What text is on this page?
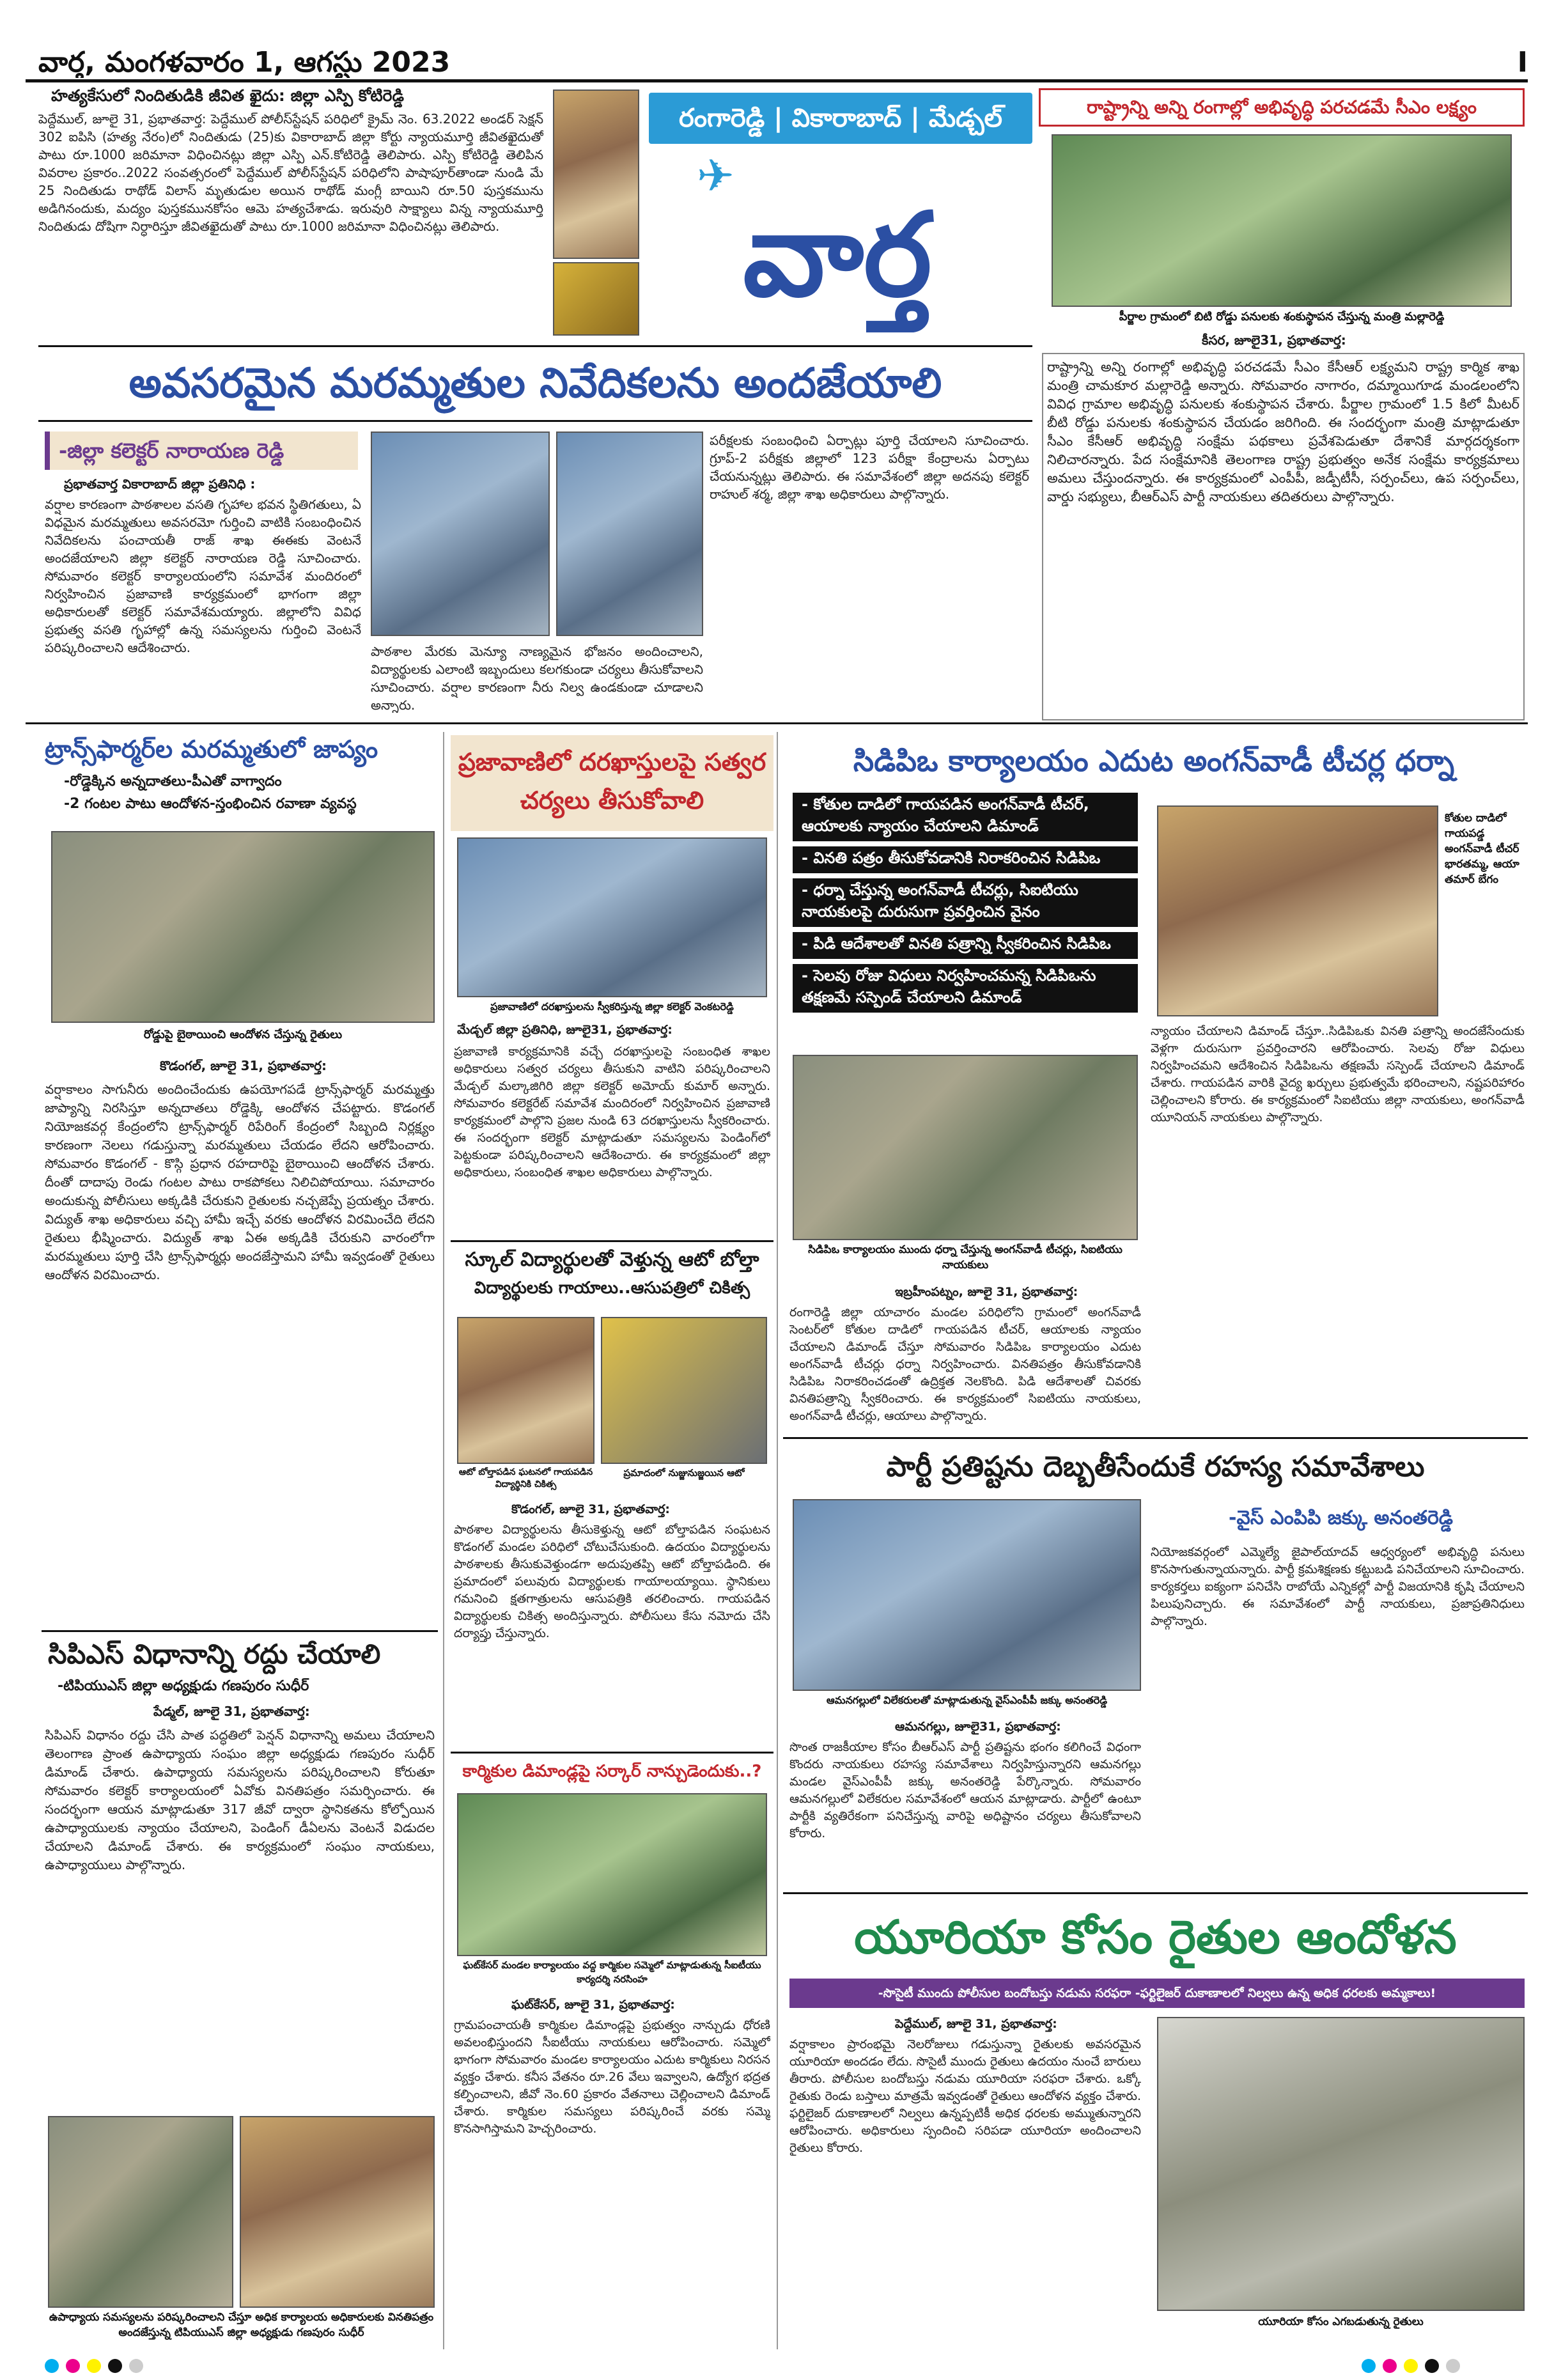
వార్త, మంగళవారం 1, ఆగస్టు 2023	I
హత్యకేసులో నిందితుడికి జీవిత ఖైదు: జిల్లా ఎస్పి కోటిరెడ్డి
పెద్దేముల్, జూలై 31, ప్రభాతవార్త: పెద్దేముల్ పోలీస్‌స్టేషన్ పరిధిలో క్రైమ్ నెం. 63.2022 అండర్ సెక్షన్ 302 ఐపిసి (హత్య నేరం)లో నిందితుడు (25)కు వికారాబాద్ జిల్లా కోర్టు న్యాయమూర్తి జీవితఖైదుతో పాటు రూ.1000 జరిమానా విధించినట్లు జిల్లా ఎస్పి ఎన్.కోటిరెడ్డి తెలిపారు. ఎస్పి కోటిరెడ్డి తెలిపిన వివరాల ప్రకారం..2022 సంవత్సరంలో పెద్దేముల్ పోలీస్‌స్టేషన్ పరిధిలోని పాషాపూర్‌తాండా నుండి మే 25 నిందితుడు రాథోడ్ విలాస్ మృతుడుల అయిన రాథోడ్ మంగ్లీ బాయిని రూ.50 పుస్తకమును అడిగినందుకు, మద్యం పుస్తకమునకోసం ఆమె హత్యచేశాడు. ఇరువురి సాక్ష్యాలు విన్న న్యాయమూర్తి నిందితుడు దోషిగా నిర్ధారిస్తూ జీవితఖైదుతో పాటు రూ.1000 జరిమానా విధించినట్లు తెలిపారు.
రంగారెడ్డి | వికారాబాద్ | మేడ్చల్
✈
వార్త
రాష్ట్రాన్ని అన్ని రంగాల్లో అభివృద్ధి పరచడమే సీఎం లక్ష్యం
పీర్జాల గ్రామంలో బిటి రోడ్డు పనులకు శంకుస్థాపన చేస్తున్న మంత్రి మల్లారెడ్డి
కీసర, జూలై31, ప్రభాతవార్త:
రాష్ట్రాన్ని అన్ని రంగాల్లో అభివృద్ధి పరచడమే సీఎం కేసీఆర్ లక్ష్యమని రాష్ట్ర కార్మిక శాఖ మంత్రి చామకూర మల్లారెడ్డి అన్నారు. సోమవారం నాగారం, దమ్మాయిగూడ మండలంలోని వివిధ గ్రామాల అభివృద్ధి పనులకు శంకుస్థాపన చేశారు. పీర్జాల గ్రామంలో 1.5 కిలో మీటర్ బీటి రోడ్డు పనులకు శంకుస్థాపన చేయడం జరిగింది. ఈ సందర్భంగా మంత్రి మాట్లాడుతూ సీఎం కేసీఆర్ అభివృద్ధి సంక్షేమ పథకాలు ప్రవేశపెడుతూ దేశానికే మార్గదర్శకంగా నిలిచారన్నారు. పేద సంక్షేమానికి తెలంగాణ రాష్ట్ర ప్రభుత్వం అనేక సంక్షేమ కార్యక్రమాలు అమలు చేస్తుందన్నారు. ఈ కార్యక్రమంలో ఎంపీపీ, జడ్పీటీసీ, సర్పంచ్‌లు, ఉప సర్పంచ్‌లు, వార్డు సభ్యులు, బీఆర్‌ఎస్ పార్టీ నాయకులు తదితరులు పాల్గొన్నారు.
అవసరమైన మరమ్మతుల నివేదికలను అందజేయాలి
-జిల్లా కలెక్టర్ నారాయణ రెడ్డి
ప్రభాతవార్త వికారాబాద్ జిల్లా ప్రతినిధి :
వర్షాల కారణంగా పాఠశాలల వసతి గృహాల భవన స్థితిగతులు, ఏ విధమైన మరమ్మతులు అవసరమో గుర్తించి వాటికి సంబంధించిన నివేదికలను పంచాయతీ రాజ్ శాఖ ఈఈకు వెంటనే అందజేయాలని జిల్లా కలెక్టర్ నారాయణ రెడ్డి సూచించారు. సోమవారం కలెక్టర్ కార్యాలయంలోని సమావేశ మందిరంలో నిర్వహించిన ప్రజావాణి కార్యక్రమంలో భాగంగా జిల్లా అధికారులతో కలెక్టర్ సమావేశమయ్యారు. జిల్లాలోని వివిధ ప్రభుత్వ వసతి గృహాల్లో ఉన్న సమస్యలను గుర్తించి వెంటనే పరిష్కరించాలని ఆదేశించారు.	పాఠశాల మేరకు మెన్యూ నాణ్యమైన భోజనం అందించాలని, విద్యార్థులకు ఎలాంటి ఇబ్బందులు కలగకుండా చర్యలు తీసుకోవాలని సూచించారు. వర్షాల కారణంగా నీరు నిల్వ ఉండకుండా చూడాలని అన్నారు.
పరీక్షలకు సంబంధించి ఏర్పాట్లు పూర్తి చేయాలని సూచించారు. గ్రూప్-2 పరీక్షకు జిల్లాలో 123 పరీక్షా కేంద్రాలను ఏర్పాటు చేయనున్నట్లు తెలిపారు. ఈ సమావేశంలో జిల్లా అదనపు కలెక్టర్ రాహుల్ శర్మ, జిల్లా శాఖ అధికారులు పాల్గొన్నారు.
ట్రాన్స్‌ఫార్మర్‌ల మరమ్మతులో జాప్యం
-రోడ్డెక్కిన అన్నదాతలు-పీఎతో వాగ్వాదం
-2 గంటల పాటు ఆందోళన-స్తంభించిన రవాణా వ్యవస్థ
రోడ్డుపై బైఠాయించి ఆందోళన చేస్తున్న రైతులు
కొడంగల్, జూలై 31, ప్రభాతవార్త:
వర్షాకాలం సాగునీరు అందించేందుకు ఉపయోగపడే ట్రాన్స్‌ఫార్మర్ మరమ్మత్తు జాప్యాన్ని నిరసిస్తూ అన్నదాతలు రోడ్డెక్కి ఆందోళన చేపట్టారు. కొడంగల్ నియోజకవర్గ కేంద్రంలోని ట్రాన్స్‌ఫార్మర్ రిపేరింగ్ కేంద్రంలో సిబ్బంది నిర్లక్ష్యం కారణంగా నెలలు గడుస్తున్నా మరమ్మతులు చేయడం లేదని ఆరోపించారు. సోమవారం కొడంగల్ - కొస్గి ప్రధాన రహదారిపై బైఠాయించి ఆందోళన చేశారు. దీంతో దాదాపు రెండు గంటల పాటు రాకపోకలు నిలిచిపోయాయి. సమాచారం అందుకున్న పోలీసులు అక్కడికి చేరుకుని రైతులకు నచ్చజెప్పే ప్రయత్నం చేశారు. విద్యుత్ శాఖ అధికారులు వచ్చి హామీ ఇచ్చే వరకు ఆందోళన విరమించేది లేదని రైతులు భీష్మించారు. విద్యుత్ శాఖ ఏఈ అక్కడికి చేరుకుని వారంలోగా మరమ్మతులు పూర్తి చేసి ట్రాన్స్‌ఫార్మర్లు అందజేస్తామని హామీ ఇవ్వడంతో రైతులు ఆందోళన విరమించారు.
సిపిఎస్ విధానాన్ని రద్దు చేయాలి
-టిపియుఎస్ జిల్లా అధ్యక్షుడు గణపురం సుధీర్
పేడ్మల్, జూలై 31, ప్రభాతవార్త:
సిపిఎస్ విధానం రద్దు చేసి పాత పద్ధతిలో పెన్షన్ విధానాన్ని అమలు చేయాలని తెలంగాణ ప్రాంత ఉపాధ్యాయ సంఘం జిల్లా అధ్యక్షుడు గణపురం సుధీర్ డిమాండ్ చేశారు. ఉపాధ్యాయ సమస్యలను పరిష్కరించాలని కోరుతూ సోమవారం కలెక్టర్ కార్యాలయంలో ఏవోకు వినతిపత్రం సమర్పించారు. ఈ సందర్భంగా ఆయన మాట్లాడుతూ 317 జీవో ద్వారా స్థానికతను కోల్పోయిన ఉపాధ్యాయులకు న్యాయం చేయాలని, పెండింగ్ డీఏలను వెంటనే విడుదల చేయాలని డిమాండ్ చేశారు. ఈ కార్యక్రమంలో సంఘం నాయకులు, ఉపాధ్యాయులు పాల్గొన్నారు.
ఉపాధ్యాయ సమస్యలను పరిష్కరించాలని చేస్తూ అధిక కార్యాలయ అధికారులకు వినతిపత్రం అందజేస్తున్న టిపియుఎస్ జిల్లా అధ్యక్షుడు గణపురం సుధీర్
ప్రజావాణిలో దరఖాస్తులపై సత్వర చర్యలు తీసుకోవాలి
ప్రజావాణిలో దరఖాస్తులను స్వీకరిస్తున్న జిల్లా కలెక్టర్ వెంకటరెడ్డి
మేడ్చల్ జిల్లా ప్రతినిధి, జూలై31, ప్రభాతవార్త:
ప్రజావాణి కార్యక్రమానికి వచ్చే దరఖాస్తులపై సంబంధిత శాఖల అధికారులు సత్వర చర్యలు తీసుకుని వాటిని పరిష్కరించాలని మేడ్చల్ మల్కాజిగిరి జిల్లా కలెక్టర్ అమోయ్ కుమార్ అన్నారు. సోమవారం కలెక్టరేట్ సమావేశ మందిరంలో నిర్వహించిన ప్రజావాణి కార్యక్రమంలో పాల్గొని ప్రజల నుండి 63 దరఖాస్తులను స్వీకరించారు. ఈ సందర్భంగా కలెక్టర్ మాట్లాడుతూ సమస్యలను పెండింగ్‌లో పెట్టకుండా పరిష్కరించాలని ఆదేశించారు. ఈ కార్యక్రమంలో జిల్లా అధికారులు, సంబంధిత శాఖల అధికారులు పాల్గొన్నారు.
స్కూల్ విద్యార్థులతో వెళ్తున్న ఆటో బోల్తా
విద్యార్థులకు గాయాలు..ఆసుపత్రిలో చికిత్స
ఆటో బోల్తాపడిన ఘటనలో గాయపడిన విద్యార్థినికి చికిత్స
ప్రమాదంలో నుజ్జునుజ్జయిన ఆటో
కొడంగల్, జూలై 31, ప్రభాతవార్త:
పాఠశాల విద్యార్థులను తీసుకెళ్తున్న ఆటో బోల్తాపడిన సంఘటన కొడంగల్ మండల పరిధిలో చోటుచేసుకుంది. ఉదయం విద్యార్థులను పాఠశాలకు తీసుకువెళ్తుండగా అదుపుతప్పి ఆటో బోల్తాపడింది. ఈ ప్రమాదంలో పలువురు విద్యార్థులకు గాయాలయ్యాయి. స్థానికులు గమనించి క్షతగాత్రులను ఆసుపత్రికి తరలించారు. గాయపడిన విద్యార్థులకు చికిత్స అందిస్తున్నారు. పోలీసులు కేసు నమోదు చేసి దర్యాప్తు చేస్తున్నారు.
కార్మికుల డిమాండ్లపై సర్కార్ నాన్చుడెందుకు..?
ఘట్‌కేసర్ మండల కార్యాలయం వద్ద కార్మికుల సమ్మెలో మాట్లాడుతున్న సీఐటీయు కార్యదర్శి నరసింహ
ఘట్‌కేసర్, జూలై 31, ప్రభాతవార్త:
గ్రామపంచాయతీ కార్మికుల డిమాండ్లపై ప్రభుత్వం నాన్చుడు ధోరణి అవలంభిస్తుందని సీఐటీయు నాయకులు ఆరోపించారు. సమ్మెలో భాగంగా సోమవారం మండల కార్యాలయం ఎదుట కార్మికులు నిరసన వ్యక్తం చేశారు. కనీస వేతనం రూ.26 వేలు ఇవ్వాలని, ఉద్యోగ భద్రత కల్పించాలని, జీవో నెం.60 ప్రకారం వేతనాలు చెల్లించాలని డిమాండ్ చేశారు. కార్మికుల సమస్యలు పరిష్కరించే వరకు సమ్మె కొనసాగిస్తామని హెచ్చరించారు.
సిడిపిఒ కార్యాలయం ఎదుట అంగన్‌వాడీ టీచర్ల ధర్నా
- కోతుల దాడిలో గాయపడిన అంగన్‌వాడీ టీచర్, ఆయాలకు న్యాయం చేయాలని డిమాండ్
- వినతి పత్రం తీసుకోవడానికి నిరాకరించిన సిడిపిఒ
- ధర్నా చేస్తున్న అంగన్‌వాడీ టీచర్లు, సిఐటియు నాయకులపై దురుసుగా ప్రవర్తించిన వైనం
- పిడి ఆదేశాలతో వినతి పత్రాన్ని స్వీకరించిన సిడిపిఒ
- సెలవు రోజు విధులు నిర్వహించమన్న సిడిపిఒను తక్షణమే సస్పెండ్ చేయాలని డిమాండ్
సిడిపిఒ కార్యాలయం ముందు ధర్నా చేస్తున్న అంగన్‌వాడీ టీచర్లు, సిఐటియు నాయకులు
కోతుల దాడిలో గాయపడ్డ అంగన్‌వాడీ టీచర్ భారతమ్మ, ఆయా తమార్ బేగం
ఇబ్రహీంపట్నం, జూలై 31, ప్రభాతవార్త:
రంగారెడ్డి జిల్లా యాచారం మండల పరిధిలోని గ్రామంలో అంగన్‌వాడీ సెంటర్‌లో కోతుల దాడిలో గాయపడిన టీచర్, ఆయాలకు న్యాయం చేయాలని డిమాండ్ చేస్తూ సోమవారం సిడిపిఒ కార్యాలయం ఎదుట అంగన్‌వాడీ టీచర్లు ధర్నా నిర్వహించారు. వినతిపత్రం తీసుకోవడానికి సిడిపిఒ నిరాకరించడంతో ఉద్రిక్తత నెలకొంది. పిడి ఆదేశాలతో చివరకు వినతిపత్రాన్ని స్వీకరించారు. ఈ కార్యక్రమంలో సిఐటియు నాయకులు, అంగన్‌వాడీ టీచర్లు, ఆయాలు పాల్గొన్నారు.
న్యాయం చేయాలని డిమాండ్ చేస్తూ..సిడిపిఒకు వినతి పత్రాన్ని అందజేసేందుకు వెళ్లగా దురుసుగా ప్రవర్తించారని ఆరోపించారు. సెలవు రోజు విధులు నిర్వహించమని ఆదేశించిన సిడిపిఒను తక్షణమే సస్పెండ్ చేయాలని డిమాండ్ చేశారు. గాయపడిన వారికి వైద్య ఖర్చులు ప్రభుత్వమే భరించాలని, నష్టపరిహారం చెల్లించాలని కోరారు. ఈ కార్యక్రమంలో సిఐటియు జిల్లా నాయకులు, అంగన్‌వాడీ యూనియన్ నాయకులు పాల్గొన్నారు.
పార్టీ ప్రతిష్టను దెబ్బతీసేందుకే రహస్య సమావేశాలు
ఆమనగల్లులో విలేకరులతో మాట్లాడుతున్న వైస్‌ఎంపీపీ జక్కు అనంతరెడ్డి
ఆమనగల్లు, జూలై31, ప్రభాతవార్త:
సొంత రాజకీయాల కోసం బీఆర్‌ఎస్ పార్టీ ప్రతిష్టను భంగం కలిగించే విధంగా కొందరు నాయకులు రహస్య సమావేశాలు నిర్వహిస్తున్నారని ఆమనగల్లు మండల వైస్‌ఎంపీపీ జక్కు అనంతరెడ్డి పేర్కొన్నారు. సోమవారం ఆమనగల్లులో విలేకరుల సమావేశంలో ఆయన మాట్లాడారు. పార్టీలో ఉంటూ పార్టీకి వ్యతిరేకంగా పనిచేస్తున్న వారిపై అధిష్టానం చర్యలు తీసుకోవాలని కోరారు.
-వైస్ ఎంపిపి జక్కు అనంతరెడ్డి
నియోజకవర్గంలో ఎమ్మెల్యే జైపాల్‌యాదవ్ ఆధ్వర్యంలో అభివృద్ధి పనులు కొనసాగుతున్నాయన్నారు. పార్టీ క్రమశిక్షణకు కట్టుబడి పనిచేయాలని సూచించారు. కార్యకర్తలు ఐక్యంగా పనిచేసి రాబోయే ఎన్నికల్లో పార్టీ విజయానికి కృషి చేయాలని పిలుపునిచ్చారు. ఈ సమావేశంలో పార్టీ నాయకులు, ప్రజాప్రతినిధులు పాల్గొన్నారు.
యూరియా కోసం రైతుల ఆందోళన
-సొసైటీ ముందు పోలీసుల బందోబస్తు నడుమ సరఫరా -ఫర్టిలైజర్ దుకాణాలలో నిల్వలు ఉన్న అధిక ధరలకు అమ్మకాలు!
పెద్దేముల్, జూలై 31, ప్రభాతవార్త:
వర్షాకాలం ప్రారంభమై నెలరోజులు గడుస్తున్నా రైతులకు అవసరమైన యూరియా అందడం లేదు. సొసైటీ ముందు రైతులు ఉదయం నుంచే బారులు తీరారు. పోలీసుల బందోబస్తు నడుమ యూరియా సరఫరా చేశారు. ఒక్కో రైతుకు రెండు బస్తాలు మాత్రమే ఇవ్వడంతో రైతులు ఆందోళన వ్యక్తం చేశారు. ఫర్టిలైజర్ దుకాణాలలో నిల్వలు ఉన్నప్పటికీ అధిక ధరలకు అమ్ముతున్నారని ఆరోపించారు. అధికారులు స్పందించి సరిపడా యూరియా అందించాలని రైతులు కోరారు.
యూరియా కోసం ఎగబడుతున్న రైతులు
